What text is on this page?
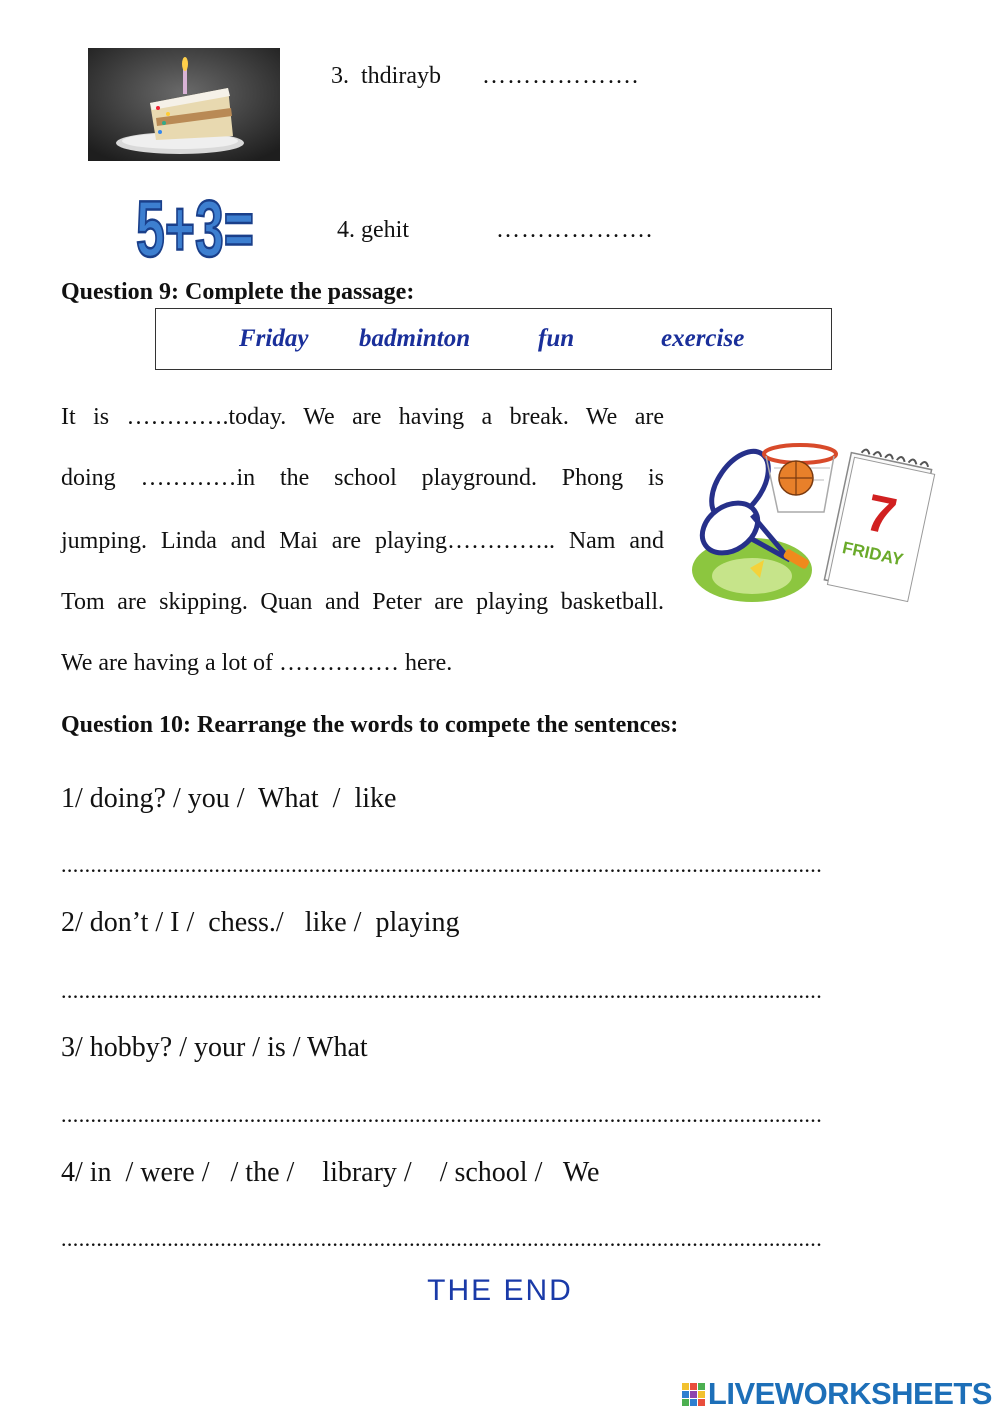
3.  thdirayb ……………….
5+3=	4. gehit	……………….
Question 9: Complete the passage:
Friday badminton	fun	exercise
It is ………….today. We are having a break. We are
doing …………in the school playground. Phong is
jumping. Linda and Mai are playing………….. Nam and
Tom are skipping. Quan and Peter are playing basketball.
We are having a lot of …………… here.
7
FRIDAY
Question 10: Rearrange the words to compete the sentences:
1/ doing? / you /  What  /  like
.................................................................................................................................
2/ don’t / I /  chess./   like /  playing
.................................................................................................................................
3/ hobby? / your / is / What
.................................................................................................................................
4/ in  / were /   / the /    library /    / school /   We
.................................................................................................................................
THE END
LIVEWORKSHEETS
